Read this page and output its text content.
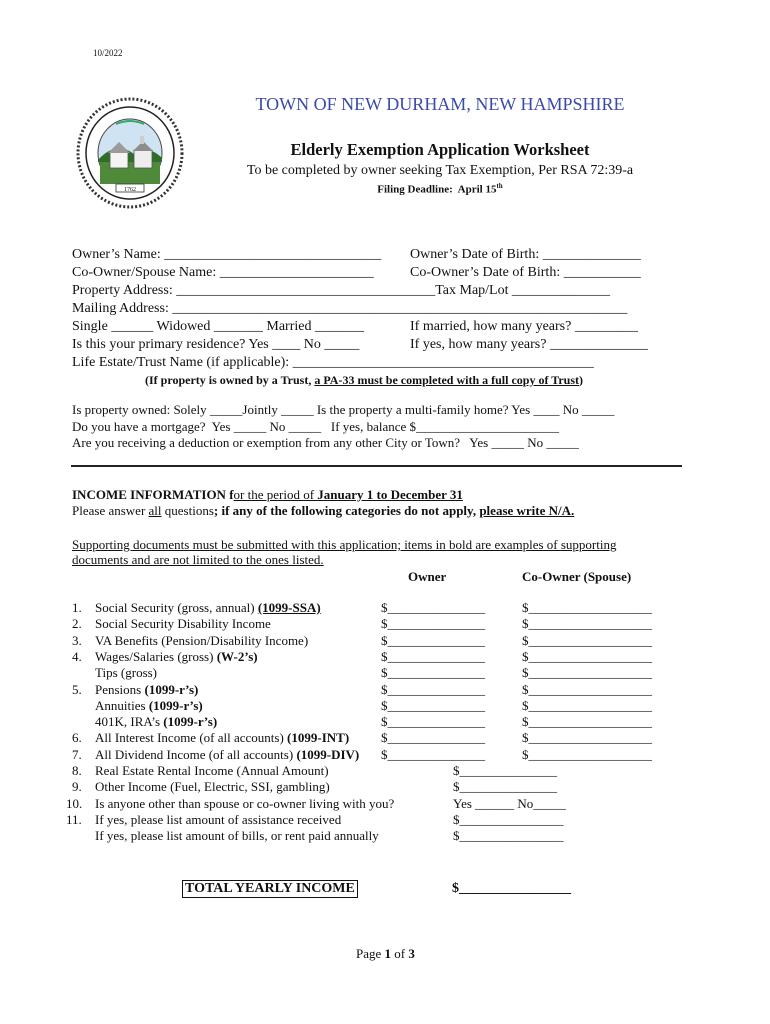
10/2022
1762
TOWN OF NEW DURHAM, NEW HAMPSHIRE
Elderly Exemption Application Worksheet
To be completed by owner seeking Tax Exemption, Per RSA 72:39-a
Filing Deadline:  April 15th
Owner’s Name: _______________________________ Owner’s Date of Birth: ______________
Co-Owner/Spouse Name: ______________________	Co-Owner’s Date of Birth: ___________
Property Address: _____________________________________Tax Map/Lot ______________
Mailing Address: _________________________________________________________________
Single ______ Widowed _______ Married _______	If married, how many years? _________
Is this your primary residence? Yes ____ No _____	If yes, how many years? ______________
Life Estate/Trust Name (if applicable): ___________________________________________
(If property is owned by a Trust, a PA-33 must be completed with a full copy of Trust)
Is property owned: Solely _____Jointly _____ Is the property a multi-family home? Yes ____ No _____
Do you have a mortgage?  Yes _____ No _____   If yes, balance $______________________
Are you receiving a deduction or exemption from any other City or Town?   Yes _____ No _____
INCOME INFORMATION for the period of January 1 to December 31
Please answer all questions; if any of the following categories do not apply, please write N/A.
Supporting documents must be submitted with this application; items in bold are examples of supporting
documents and are not limited to the ones listed.
Owner	Co-Owner (Spouse)
1. Social Security (gross, annual) (1099-SSA)	$_______________	$___________________
2. Social Security Disability Income	$_______________	$___________________
3. VA Benefits (Pension/Disability Income)	$_______________	$___________________
4. Wages/Salaries (gross) (W-2’s)	$_______________	$___________________
Tips (gross)	$_______________	$___________________
5. Pensions (1099-r’s)	$_______________	$___________________
Annuities (1099-r’s)	$_______________	$___________________
401K, IRA’s (1099-r’s)	$_______________	$___________________
6. All Interest Income (of all accounts) (1099-INT) $_______________	$___________________
7. All Dividend Income (of all accounts) (1099-DIV) $_______________	$___________________
8. Real Estate Rental Income (Annual Amount)	$_______________
9. Other Income (Fuel, Electric, SSI, gambling)	$_______________
10. Is anyone other than spouse or co-owner living with you?	Yes ______ No_____
11. If yes, please list amount of assistance received	$________________
If yes, please list amount of bills, or rent paid annually	$________________
TOTAL YEARLY INCOME	$________________
Page 1 of 3
